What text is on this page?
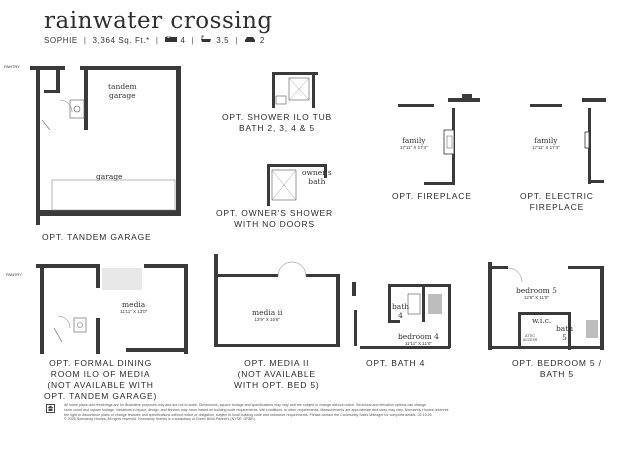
rainwater crossing
SOPHIE | 3,364 Sq. Ft.* |	4 |	3.5 |	2
PANTRY
tandem
garage
garage
OPT. TANDEM GARAGE
OPT. SHOWER ILO TUB
BATH 2, 3, 4 & 5
owner's
bath
OPT. OWNER'S SHOWER
WITH NO DOORS
family
17'11" X 17'4"
OPT. FIREPLACE
family
17'11" X 17'4"
OPT. ELECTRIC
FIREPLACE
PANTRY
media
11'11" X 13'0"
OPT. FORMAL DINING
ROOM ILO OF MEDIA
(NOT AVAILABLE WITH
OPT. TANDEM GARAGE)
media ii
13'9" X 15'6"
OPT. MEDIA II
(NOT AVAILABLE
WITH OPT. BED 5)
bath
4
bedroom 4
11'11" X 11'0"
OPT. BATH 4
bedroom 5
12'6" X 11'0"
w.i.c.
bath
5
ATTIC ACCESS
OPT. BEDROOM 5 /
BATH 5
All home plans and renderings are for illustrative purposes only and are not to scale. Dimensions, square footage and specifications may vary and are subject to change without notice. Structural and elevation options can change
room count and square footage. Variations in layout, design, and finishes may occur based on building code requirements, site conditions, or other requirements. Measurements are approximate and sizes may vary. Normandy Homes reserves
the right to discontinue plans or change features and specifications without notice or obligation, subject to local building code and ordinance requirements. Please contact the Community Sales Manager for complete details. 02.15.26
© 2026 Normandy Homes. All rights reserved. Normandy Homes is a subsidiary of Green Brick Partners (NYSE: GRBK).
